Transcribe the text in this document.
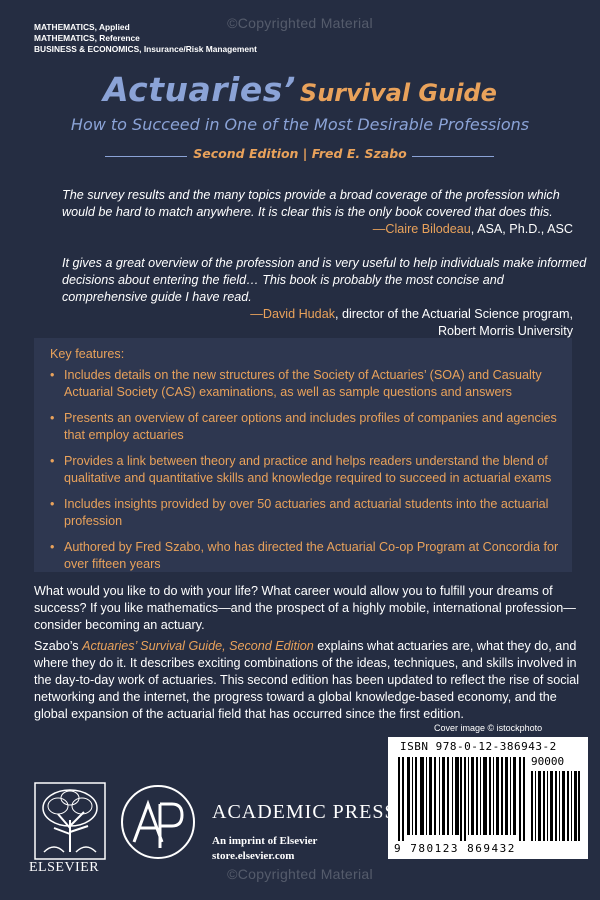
©Copyrighted Material
©Copyrighted Material
MATHEMATICS, Applied
MATHEMATICS, Reference
BUSINESS & ECONOMICS, Insurance/Risk Management
Actuaries’ Survival Guide
How to Succeed in One of the Most Desirable Professions
Second Edition | Fred E. Szabo
The survey results and the many topics provide a broad coverage of the profession which would be hard to match anywhere. It is clear this is the only book covered that does this.
—Claire Bilodeau, ASA, Ph.D., ASC
It gives a great overview of the profession and is very useful to help individuals make informed decisions about entering the field… This book is probably the most concise and comprehensive guide I have read.
—David Hudak, director of the Actuarial Science program,
Robert Morris University
Key features:
• Includes details on the new structures of the Society of Actuaries’ (SOA) and Casualty Actuarial Society (CAS) examinations, as well as sample questions and answers
• Presents an overview of career options and includes profiles of companies and agencies that employ actuaries
• Provides a link between theory and practice and helps readers understand the blend of qualitative and quantitative skills and knowledge required to succeed in actuarial exams
• Includes insights provided by over 50 actuaries and actuarial students into the actuarial profession
• Authored by Fred Szabo, who has directed the Actuarial Co-op Program at Concordia for over fifteen years
What would you like to do with your life? What career would allow you to fulfill your dreams of success? If you like mathematics—and the prospect of a highly mobile, international profession—consider becoming an actuary.
Szabo’s Actuaries’ Survival Guide, Second Edition explains what actuaries are, what they do, and where they do it. It describes exciting combinations of the ideas, techniques, and skills involved in the day-to-day work of actuaries. This second edition has been updated to reflect the rise of social networking and the internet, the progress toward a global knowledge-based economy, and the global expansion of the actuarial field that has occurred since the first edition.
Cover image © istockphoto
ISBN 978-0-12-386943-2
90000
9 780123 869432
ELSEVIER
ACADEMIC PRESS
An imprint of Elsevier
store.elsevier.com
